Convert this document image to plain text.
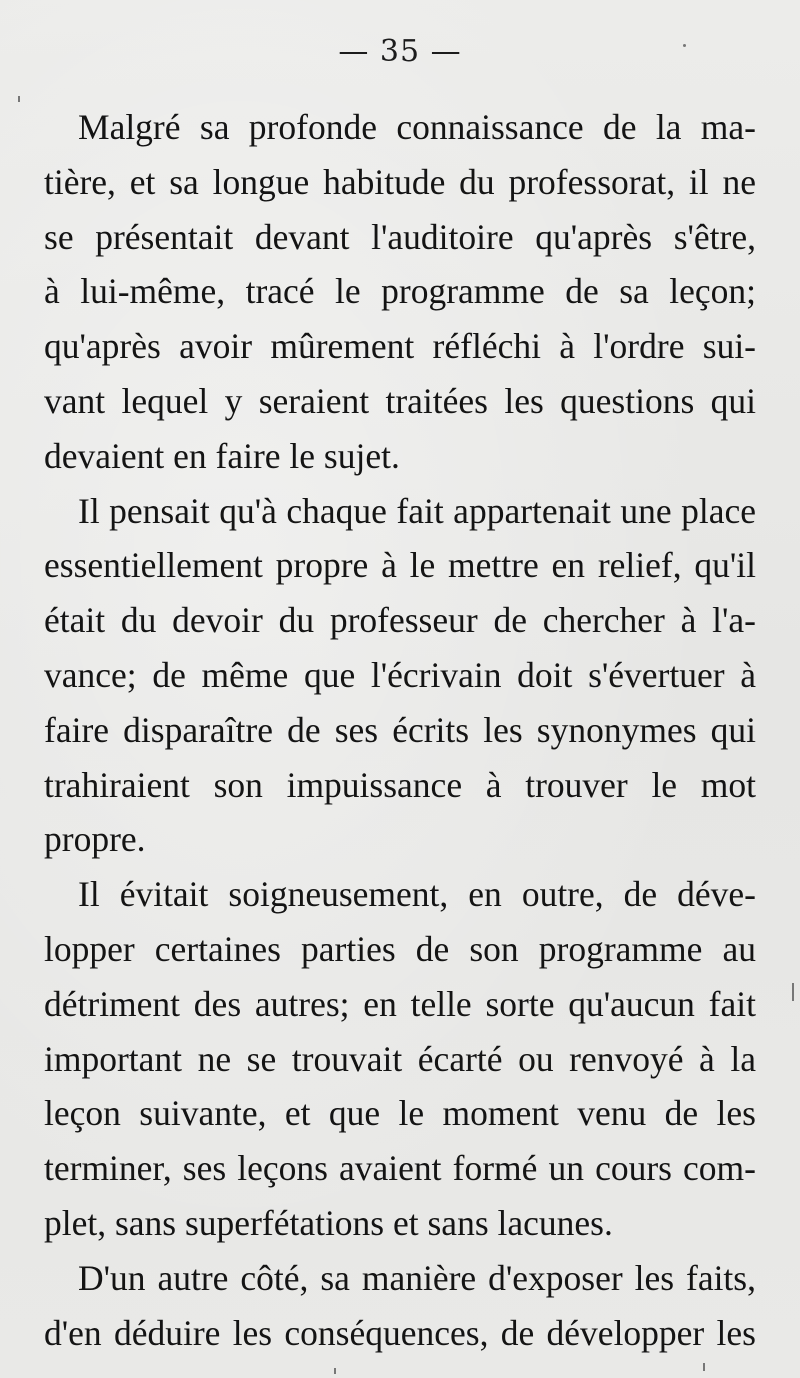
— 35 —
Malgré sa profonde connaissance de la ma-
tière, et sa longue habitude du professorat, il ne
se présentait devant l'auditoire qu'après s'être,
à lui-même, tracé le programme de sa leçon;
qu'après avoir mûrement réfléchi à l'ordre sui-
vant lequel y seraient traitées les questions qui
devaient en faire le sujet.
Il pensait qu'à chaque fait appartenait une place
essentiellement propre à le mettre en relief, qu'il
était du devoir du professeur de chercher à l'a-
vance; de même que l'écrivain doit s'évertuer à
faire disparaître de ses écrits les synonymes qui
trahiraient son impuissance à trouver le mot
propre.
Il évitait soigneusement, en outre, de déve-
lopper certaines parties de son programme au
détriment des autres; en telle sorte qu'aucun fait
important ne se trouvait écarté ou renvoyé à la
leçon suivante, et que le moment venu de les
terminer, ses leçons avaient formé un cours com-
plet, sans superfétations et sans lacunes.
D'un autre côté, sa manière d'exposer les faits,
d'en déduire les conséquences, de développer les
